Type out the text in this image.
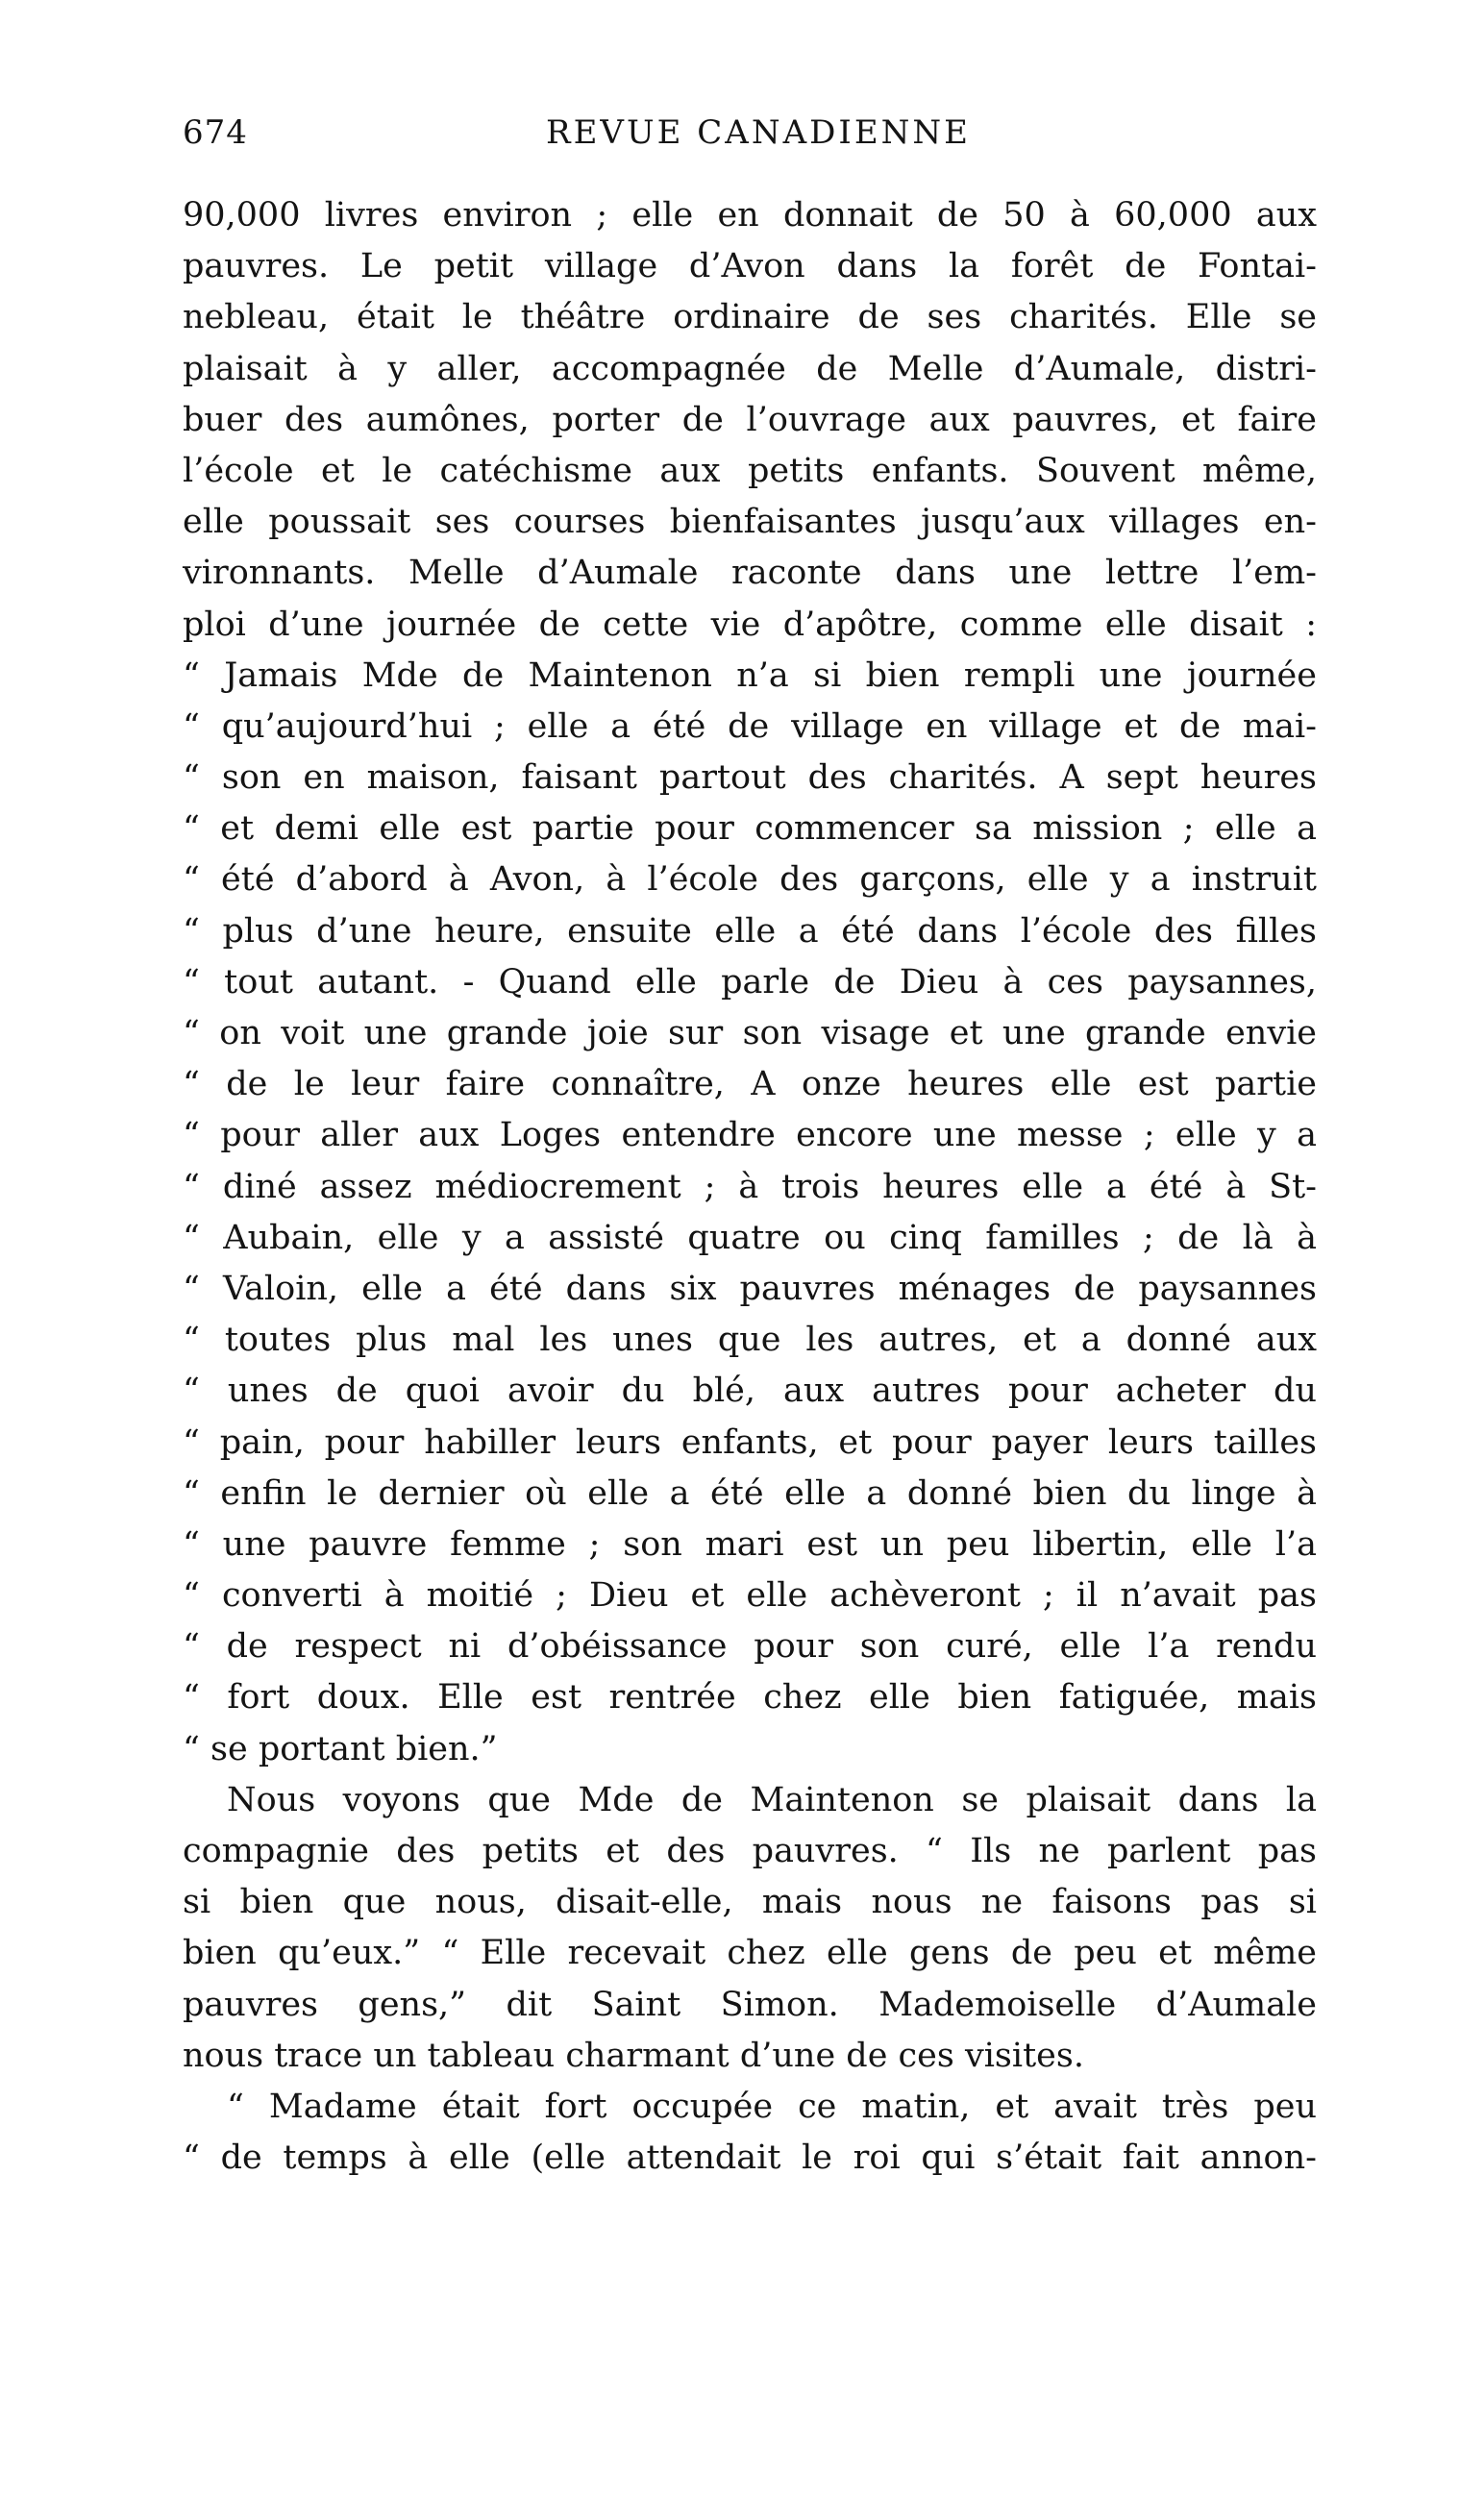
674	REVUE CANADIENNE
90,000 livres environ ; elle en donnait de 50 à 60,000 aux
pauvres. Le petit village d’Avon dans la forêt de Fontai-
nebleau, était le théâtre ordinaire de ses charités. Elle se
plaisait à y aller, accompagnée de Melle d’Aumale, distri-
buer des aumônes, porter de l’ouvrage aux pauvres, et faire
l’école et le catéchisme aux petits enfants. Souvent même,
elle poussait ses courses bienfaisantes jusqu’aux villages en-
vironnants. Melle d’Aumale raconte dans une lettre l’em-
ploi d’une journée de cette vie d’apôtre, comme elle disait :
“ Jamais Mde de Maintenon n’a si bien rempli une journée
“ qu’aujourd’hui ; elle a été de village en village et de mai-
“ son en maison, faisant partout des charités. A sept heures
“ et demi elle est partie pour commencer sa mission ; elle a
“ été d’abord à Avon, à l’école des garçons, elle y a instruit
“ plus d’une heure, ensuite elle a été dans l’école des filles
“ tout autant. - Quand elle parle de Dieu à ces paysannes,
“ on voit une grande joie sur son visage et une grande envie
“ de le leur faire connaître, A onze heures elle est partie
“ pour aller aux Loges entendre encore une messe ; elle y a
“ diné assez médiocrement ; à trois heures elle a été à St-
“ Aubain, elle y a assisté quatre ou cinq familles ; de là à
“ Valoin, elle a été dans six pauvres ménages de paysannes
“ toutes plus mal les unes que les autres, et a donné aux
“ unes de quoi avoir du blé, aux autres pour acheter du
“ pain, pour habiller leurs enfants, et pour payer leurs tailles
“ enfin le dernier où elle a été elle a donné bien du linge à
“ une pauvre femme ; son mari est un peu libertin, elle l’a
“ converti à moitié ; Dieu et elle achèveront ; il n’avait pas
“ de respect ni d’obéissance pour son curé, elle l’a rendu
“ fort doux. Elle est rentrée chez elle bien fatiguée, mais
“ se portant bien.”
Nous voyons que Mde de Maintenon se plaisait dans la
compagnie des petits et des pauvres. “ Ils ne parlent pas
si bien que nous, disait-elle, mais nous ne faisons pas si
bien qu’eux.” “ Elle recevait chez elle gens de peu et même
pauvres gens,” dit Saint Simon. Mademoiselle d’Aumale
nous trace un tableau charmant d’une de ces visites.
“ Madame était fort occupée ce matin, et avait très peu
“ de temps à elle (elle attendait le roi qui s’était fait annon-
